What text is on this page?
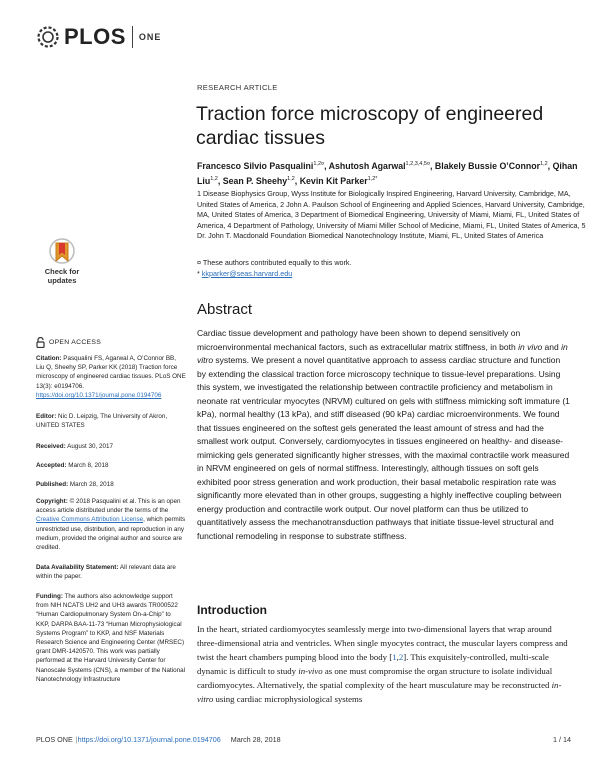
PLOS ONE
RESEARCH ARTICLE
Traction force microscopy of engineered cardiac tissues
Francesco Silvio Pasqualini$^{1,2¤}$, Ashutosh Agarwal$^{1,2,3,4,5¤}$, Blakely Bussie O’Connor$^{1,2}$, Qihan Liu$^{1,2}$, Sean P. Sheehy$^{1,2}$, Kevin Kit Parker$^{1,2*}$
1 Disease Biophysics Group, Wyss Institute for Biologically Inspired Engineering, Harvard University, Cambridge, MA, United States of America, 2 John A. Paulson School of Engineering and Applied Sciences, Harvard University, Cambridge, MA, United States of America, 3 Department of Biomedical Engineering, University of Miami, Miami, FL, United States of America, 4 Department of Pathology, University of Miami Miller School of Medicine, Miami, FL, United States of America, 5 Dr. John T. Macdonald Foundation Biomedical Nanotechnology Institute, Miami, FL, United States of America
¤ These authors contributed equally to this work.
* kkparker@seas.harvard.edu
Check for
updates
OPEN ACCESS
Citation: Pasqualini FS, Agarwal A, O’Connor BB, Liu Q, Sheehy SP, Parker KK (2018) Traction force microscopy of engineered cardiac tissues. PLoS ONE 13(3): e0194706. https://doi.org/10.1371/journal.pone.0194706
Editor: Nic D. Leipzig, The University of Akron, UNITED STATES
Received: August 30, 2017
Accepted: March 8, 2018
Published: March 28, 2018
Copyright: © 2018 Pasqualini et al. This is an open access article distributed under the terms of the Creative Commons Attribution License, which permits unrestricted use, distribution, and reproduction in any medium, provided the original author and source are credited.
Data Availability Statement: All relevant data are within the paper.
Funding: The authors also acknowledge support from NIH NCATS UH2 and UH3 awards TR000522 “Human Cardiopulmonary System On-a-Chip” to KKP, DARPA BAA-11-73 “Human Microphysiological Systems Program” to KKP, and NSF Materials Research Science and Engineering Center (MRSEC) grant DMR-1420570. This work was partially performed at the Harvard University Center for Nanoscale Systems (CNS), a member of the National Nanotechnology Infrastructure
Abstract
Cardiac tissue development and pathology have been shown to depend sensitively on microenvironmental mechanical factors, such as extracellular matrix stiffness, in both in vivo and in vitro systems. We present a novel quantitative approach to assess cardiac structure and function by extending the classical traction force microscopy technique to tissue-level preparations. Using this system, we investigated the relationship between contractile proficiency and metabolism in neonate rat ventricular myocytes (NRVM) cultured on gels with stiffness mimicking soft immature (1 kPa), normal healthy (13 kPa), and stiff diseased (90 kPa) cardiac microenvironments. We found that tissues engineered on the softest gels generated the least amount of stress and had the smallest work output. Conversely, cardiomyocytes in tissues engineered on healthy- and disease-mimicking gels generated significantly higher stresses, with the maximal contractile work measured in NRVM engineered on gels of normal stiffness. Interestingly, although tissues on soft gels exhibited poor stress generation and work production, their basal metabolic respiration rate was significantly more elevated than in other groups, suggesting a highly ineffective coupling between energy production and contractile work output. Our novel platform can thus be utilized to quantitatively assess the mechanotransduction pathways that initiate tissue-level structural and functional remodeling in response to substrate stiffness.
Introduction
In the heart, striated cardiomyocytes seamlessly merge into two-dimensional layers that wrap around three-dimensional atria and ventricles. When single myocytes contract, the muscular layers compress and twist the heart chambers pumping blood into the body [1,2]. This exquisitely-controlled, multi-scale dynamic is difficult to study in-vivo as one must compromise the organ structure to isolate individual cardiomyocytes. Alternatively, the spatial complexity of the heart musculature may be reconstructed in-vitro using cardiac microphysiological systems
PLOS ONE |https://doi.org/10.1371/journal.pone.0194706 March 28, 2018	1 / 14
